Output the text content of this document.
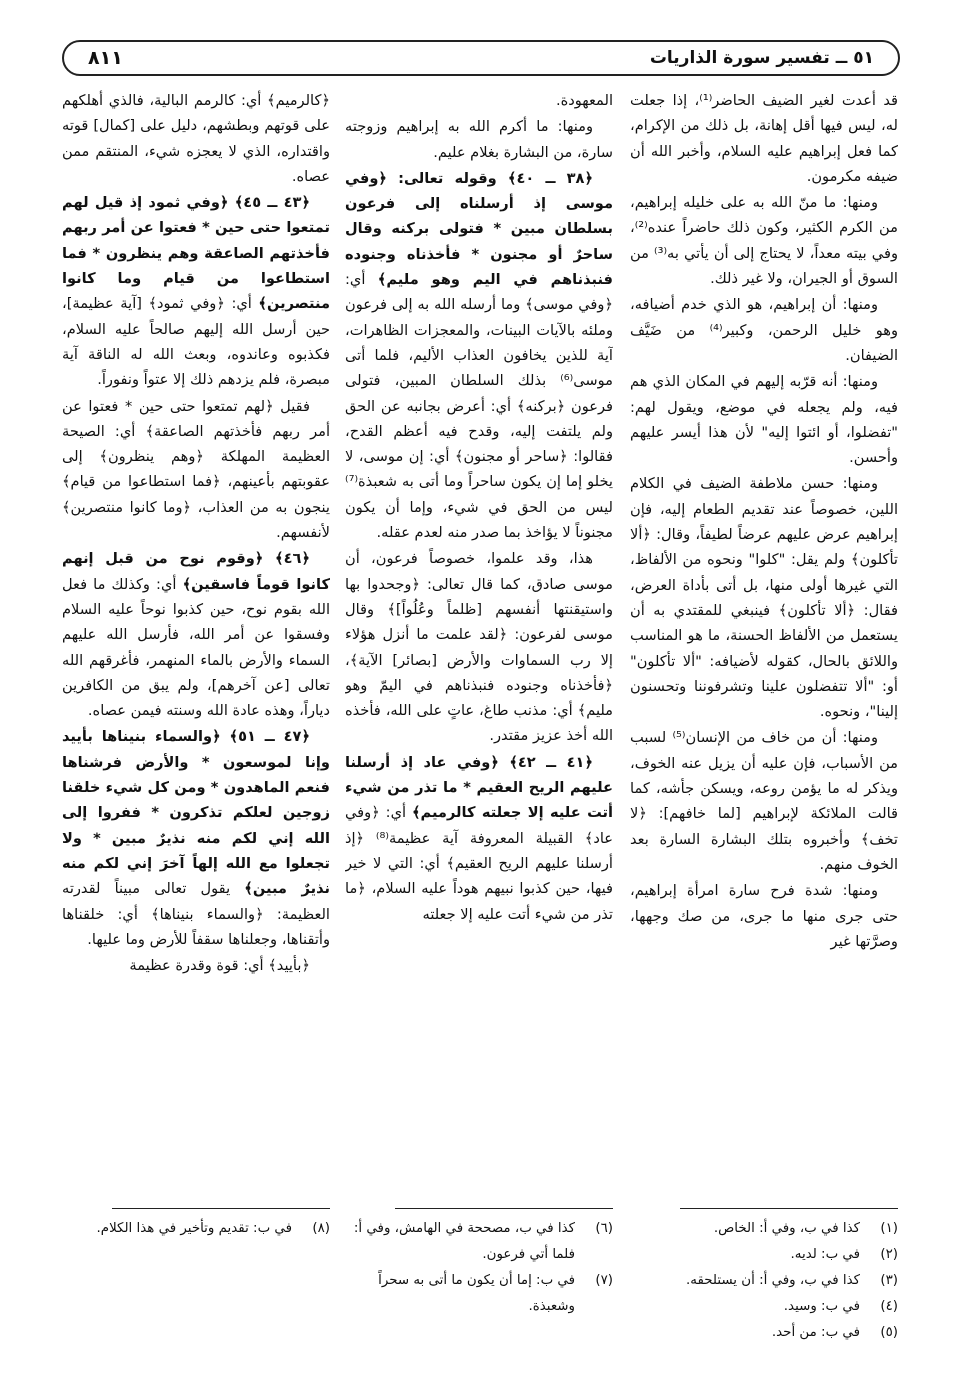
٥١ ــ تفسير سورة الذاريات
٨١١

قد أعدت لغير الضيف الحاضر⁽¹⁾، إذا جعلت له، ليس فيها أقل إهانة، بل ذلك من الإكرام، كما فعل إبراهيم عليه السلام، وأخبر الله أن ضيفه مكرمون.

ومنها: ما منّ الله به على خليله إبراهيم، من الكرم الكثير، وكون ذلك حاضراً عنده⁽²⁾، وفي بيته معداً، لا يحتاج إلى أن يأتي به⁽³⁾ من السوق أو الجيران، ولا غير ذلك.

ومنها: أن إبراهيم، هو الذي خدم أضيافه، وهو خليل الرحمن، وكبير⁽⁴⁾ من ضَيَّف الضيفان.

ومنها: أنه قرّبه إليهم في المكان الذي هم فيه، ولم يجعله في موضع، ويقول لهم: "تفضلوا، أو ائتوا إليه" لأن هذا أيسر عليهم وأحسن.

ومنها: حسن ملاطفة الضيف في الكلام اللين، خصوصاً عند تقديم الطعام إليه، فإن إبراهيم عرض عليهم عرضاً لطيفاً، وقال: ﴿ألا تأكلون﴾ ولم يقل: "كلوا" ونحوه من الألفاظ، التي غيرها أولى منها، بل أتى بأداة العرض، فقال: ﴿ألا تأكلون﴾ فينبغي للمقتدي به أن يستعمل من الألفاظ الحسنة، ما هو المناسب واللائق بالحال، كقوله لأضيافه: "ألا تأكلون" أو: "ألا تتفضلون علينا وتشرفوننا وتحسنون إلينا"، ونحوه.

ومنها: أن من خاف من الإنسان⁽⁵⁾ لسبب من الأسباب، فإن عليه أن يزيل عنه الخوف، ويذكر له ما يؤمن روعه، ويسكن جأشه، كما قالت الملائكة لإبراهيم [لما خافهم]: ﴿لا تخف﴾ وأخبروه بتلك البشارة السارة بعد الخوف منهم.

ومنها: شدة فرح سارة امرأة إبراهيم، حتى جرى منها ما جرى، من صك وجهها، وصرَّتها غير

المعهودة.

ومنها: ما أكرم الله به إبراهيم وزوجته سارة، من البشارة بغلام عليم.

﴿٣٨ ــ ٤٠﴾ وقوله تعالى: ﴿وفي موسى إذ أرسلناه إلى فرعون بسلطان مبين * فتولى بركنه وقال ساحرٌ أو مجنون * فأخذناه وجنوده فنبذناهم في اليم وهو مليم﴾ أي: ﴿وفي موسى﴾ وما أرسله الله به إلى فرعون وملئه بالآيات البينات، والمعجزات الظاهرات، آية للذين يخافون العذاب الأليم، فلما أتى موسى⁽⁶⁾ بذلك السلطان المبين، فتولى فرعون ﴿بركنه﴾ أي: أعرض بجانبه عن الحق ولم يلتفت إليه، وقدح فيه أعظم القدح، فقالوا: ﴿ساحر أو مجنون﴾ أي: إن موسى، لا يخلو إما إن يكون ساحراً وما أتى به شعبذة⁽⁷⁾ ليس من الحق في شيء، وإما أن يكون مجنوناً لا يؤاخذ بما صدر منه لعدم عقله.

هذا، وقد علموا، خصوصاً فرعون، أن موسى صادق، كما قال تعالى: ﴿وجحدوا بها واستيقنتها أنفسهم [ظلماً وعُلُواً]﴾ وقال موسى لفرعون: ﴿لقد علمت ما أنزل هؤلاء إلا رب السماوات والأرض [بصائر] الآية﴾، ﴿فأخذناه وجنوده فنبذناهم في اليمّ وهو مليم﴾ أي: مذنب طاغ، عاتٍ على الله، فأخذه الله أخذ عزيز مقتدر.

﴿٤١ ــ ٤٢﴾ ﴿وفي عاد إذ أرسلنا عليهم الريح العقيم * ما تذر من شيء أتت عليه إلا جعلته كالرميم﴾ أي: ﴿وفي عاد﴾ القبيلة المعروفة آية عظيمة⁽⁸⁾ ﴿إذ أرسلنا عليهم الريح العقيم﴾ أي: التي لا خير فيها، حين كذبوا نبيهم هوداً عليه السلام، ﴿ما تذر من شيء أتت عليه إلا جعلته

﴿كالرميم﴾ أي: كالرمم البالية، فالذي أهلكهم على قوتهم وبطشهم، دليل على [كمال] قوته واقتداره، الذي لا يعجزه شيء، المنتقم ممن عصاه.

﴿٤٣ ــ ٤٥﴾ ﴿وفي ثمود إذ قيل لهم تمتعوا حتى حين * فعتوا عن أمر ربهم فأخذتهم الصاعقة وهم ينظرون * فما استطاعوا من قيام وما كانوا منتصرين﴾ أي: ﴿وفي ثمود﴾ [آية عظيمة]، حين أرسل الله إليهم صالحاً عليه السلام، فكذبوه وعاندوه، وبعث الله له الناقة آية مبصرة، فلم يزدهم ذلك إلا عتواً ونفوراً.

فقيل ﴿لهم تمتعوا حتى حين * فعتوا عن أمر ربهم فأخذتهم الصاعقة﴾ أي: الصيحة العظيمة المهلكة ﴿وهم ينظرون﴾ إلى عقوبتهم بأعينهم، ﴿فما استطاعوا من قيام﴾ ينجون به من العذاب، ﴿وما كانوا منتصرين﴾ لأنفسهم.

﴿٤٦﴾ ﴿وقوم نوح من قبل إنهم كانوا قوماً فاسقين﴾ أي: وكذلك ما فعل الله بقوم نوح، حين كذبوا نوحاً عليه السلام وفسقوا عن أمر الله، فأرسل الله عليهم السماء والأرض بالماء المنهمر، فأغرقهم الله تعالى [عن آخرهم]، ولم يبق من الكافرين دياراً، وهذه عادة الله وسنته فيمن عصاه.

﴿٤٧ ــ ٥١﴾ ﴿والسماء بنيناها بأييد وإنا لموسعون * والأرض فرشناها فنعم الماهدون * ومن كل شيء خلقنا زوجين لعلكم تذكرون * ففروا إلى الله إني لكم منه نذيرٌ مبين * ولا تجعلوا مع الله إلهاً آخرَ إني لكم منه نذيرٌ مبين﴾ يقول تعالى مبيناً لقدرته العظيمة: ﴿والسماء بنيناها﴾ أي: خلقناها وأتقناها، وجعلناها سقفاً للأرض وما عليها.

﴿بأييد﴾ أي: قوة وقدرة عظيمة

(١)
كذا في ب، وفي أ: الخاص.
(٢)
في ب: لديه.
(٣)
كذا في ب، وفي أ: أن يستلحقه.
(٤)
في ب: وسيد.
(٥)
في ب: من أحد.
(٦)
كذا في ب، مصححة في الهامش، وفي أ: فلما أتي فرعون.
(٧)
في ب: إما أن يكون ما أتى به سحراً وشعبذة.
(٨)
في ب: تقديم وتأخير في هذا الكلام.
